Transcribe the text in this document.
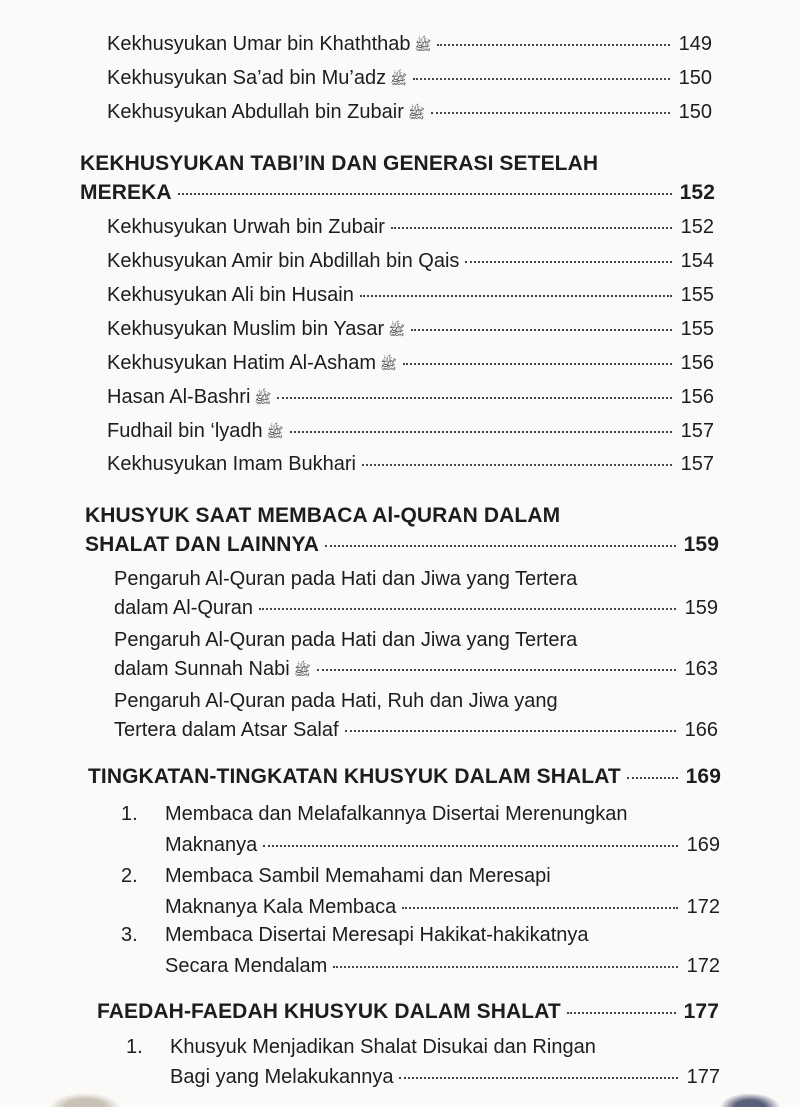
Kekhusyukan Umar bin Khaththab ﷺ	149
Kekhusyukan Sa’ad bin Mu’adz ﷺ	150
Kekhusyukan Abdullah bin Zubair ﷺ	150
KEKHUSYUKAN TABI’IN DAN GENERASI SETELAH
MEREKA	152
Kekhusyukan Urwah bin Zubair	152
Kekhusyukan Amir bin Abdillah bin Qais	154
Kekhusyukan Ali bin Husain	155
Kekhusyukan Muslim bin Yasar ﷺ	155
Kekhusyukan Hatim Al-Asham ﷺ	156
Hasan Al-Bashri ﷺ	156
Fudhail bin ‘lyadh ﷺ	157
Kekhusyukan Imam Bukhari	157
KHUSYUK SAAT MEMBACA Al-QURAN DALAM
SHALAT DAN LAINNYA	159
Pengaruh Al-Quran pada Hati dan Jiwa yang Tertera
dalam Al-Quran	159
Pengaruh Al-Quran pada Hati dan Jiwa yang Tertera
dalam Sunnah Nabi ﷺ	163
Pengaruh Al-Quran pada Hati, Ruh dan Jiwa yang
Tertera dalam Atsar Salaf	166
TINGKATAN-TINGKATAN KHUSYUK DALAM SHALAT	169
1.	Membaca dan Melafalkannya Disertai Merenungkan
Maknanya	169
2.	Membaca Sambil Memahami dan Meresapi
Maknanya Kala Membaca	172
3.	Membaca Disertai Meresapi Hakikat-hakikatnya
Secara Mendalam	172
FAEDAH-FAEDAH KHUSYUK DALAM SHALAT	177
1.	Khusyuk Menjadikan Shalat Disukai dan Ringan
Bagi yang Melakukannya	177
